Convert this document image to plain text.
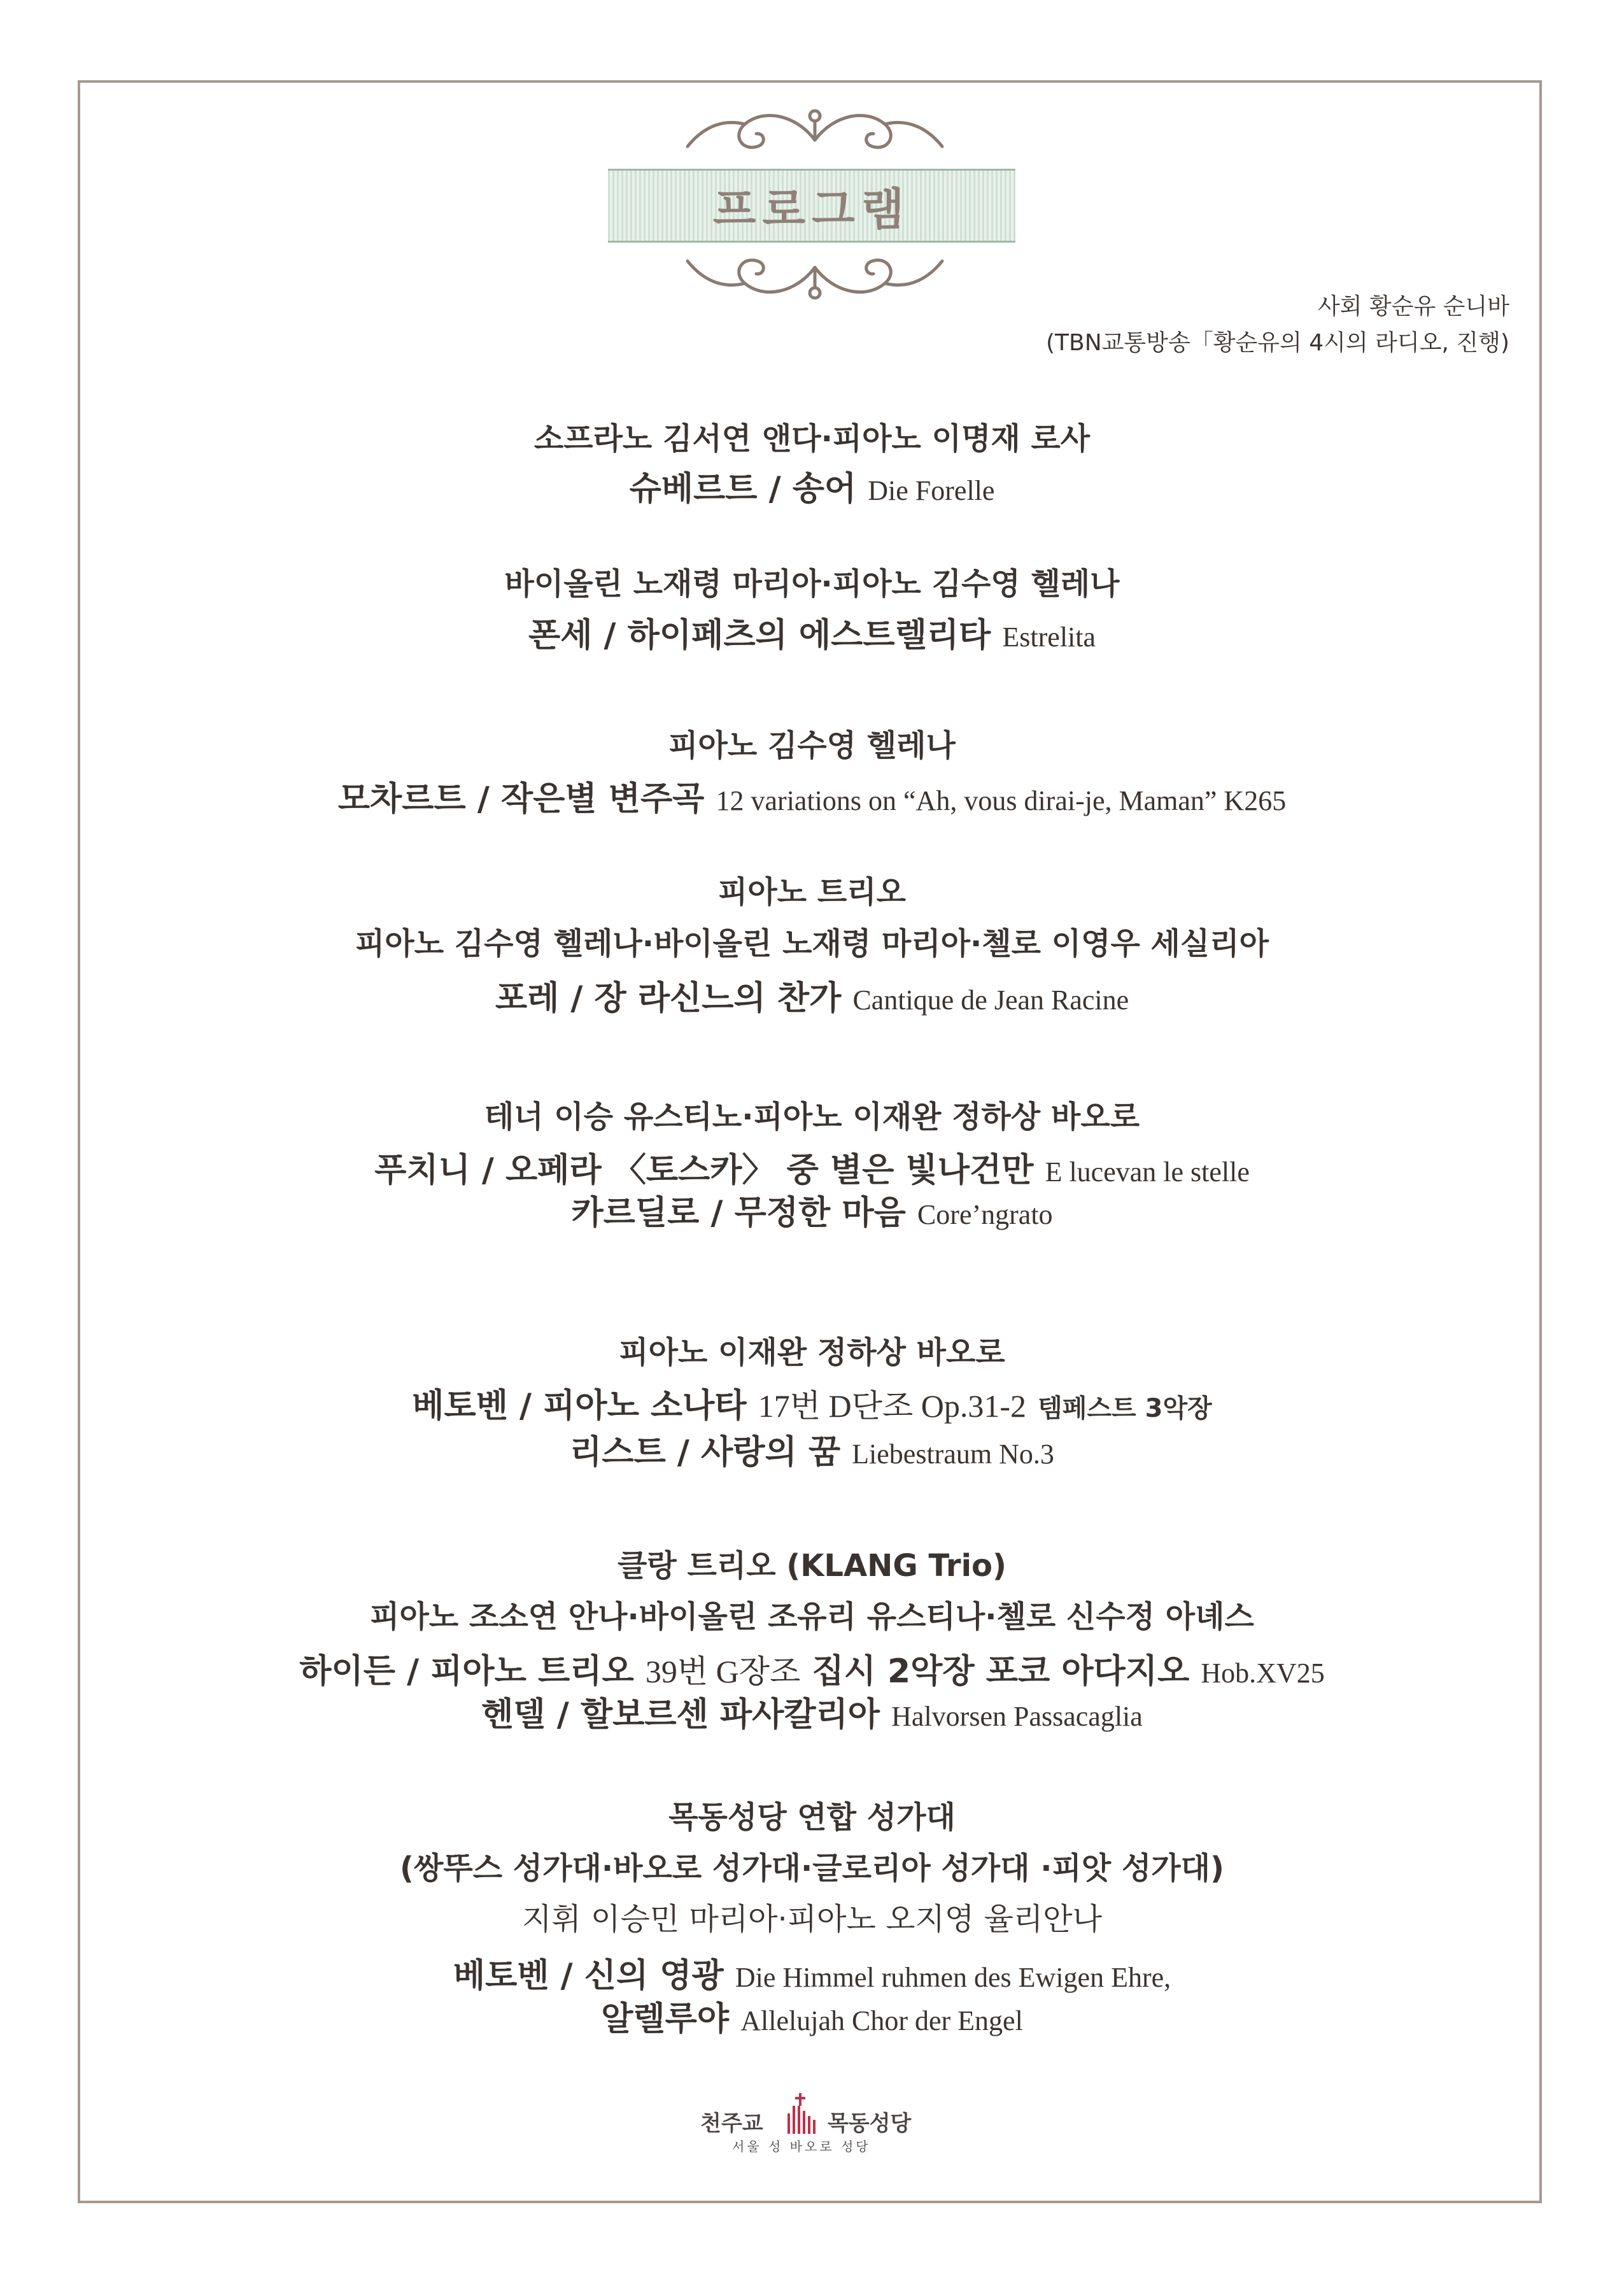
프로그램
사회 황순유 순니바
(TBN교통방송「황순유의 4시의 라디오, 진행)
소프라노 김서연 앤다·피아노 이명재 로사
슈베르트 / 송어 Die Forelle
바이올린 노재령 마리아·피아노 김수영 헬레나
폰세 / 하이페츠의 에스트렐리타 Estrelita
피아노 김수영 헬레나
모차르트 / 작은별 변주곡 12 variations on “Ah, vous dirai-je, Maman” K265
피아노 트리오
피아노 김수영 헬레나·바이올린 노재령 마리아·첼로 이영우 세실리아
포레 / 장 라신느의 찬가 Cantique de Jean Racine
테너 이승 유스티노·피아노 이재완 정하상 바오로
푸치니 / 오페라 〈토스카〉 중 별은 빛나건만 E lucevan le stelle
카르딜로 / 무정한 마음 Core’ngrato
피아노 이재완 정하상 바오로
베토벤 / 피아노 소나타 17번 D단조 Op.31-2 템페스트 3악장
리스트 / 사랑의 꿈 Liebestraum No.3
클랑 트리오 (KLANG Trio)
피아노 조소연 안나·바이올린 조유리 유스티나·첼로 신수정 아녜스
하이든 / 피아노 트리오 39번 G장조 집시 2악장 포코 아다지오 Hob.XV25
헨델 / 할보르센 파사칼리아 Halvorsen Passacaglia
목동성당 연합 성가대
(쌍뚜스 성가대·바오로 성가대·글로리아 성가대 ·피앗 성가대)
지휘 이승민 마리아·피아노 오지영 율리안나
베토벤 / 신의 영광 Die Himmel ruhmen des Ewigen Ehre,
알렐루야 Allelujah Chor der Engel
천주교	목동성당
서울 성 바오로 성당
